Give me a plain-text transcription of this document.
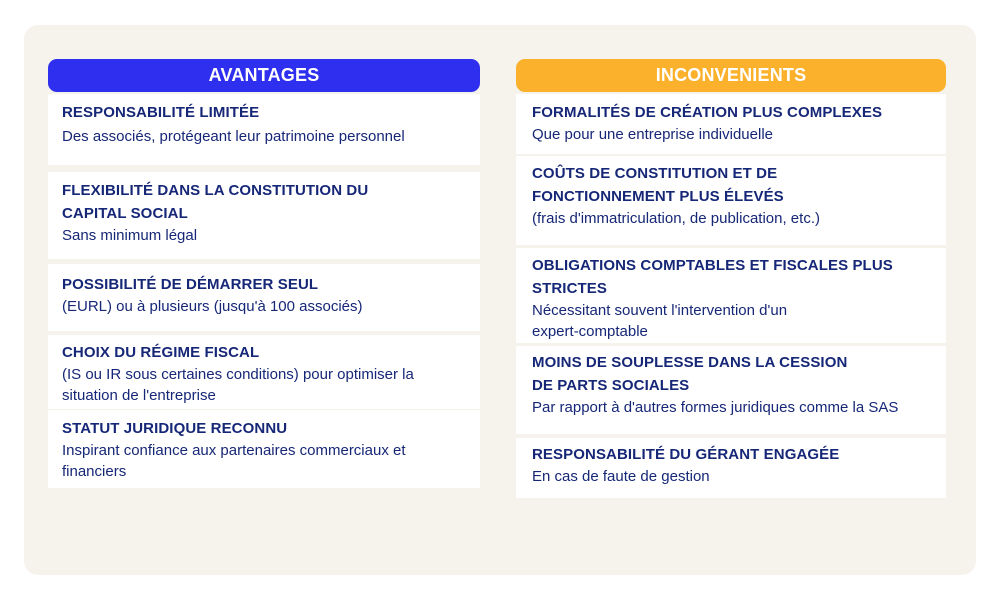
AVANTAGES
RESPONSABILITÉ LIMITÉE
Des associés, protégeant leur patrimoine personnel
FLEXIBILITÉ DANS LA CONSTITUTION DU CAPITAL SOCIAL
Sans minimum légal
POSSIBILITÉ DE DÉMARRER SEUL
(EURL) ou à plusieurs (jusqu'à 100 associés)
CHOIX DU RÉGIME FISCAL
(IS ou IR sous certaines conditions) pour optimiser la situation de l'entreprise
STATUT JURIDIQUE RECONNU
Inspirant confiance aux partenaires commerciaux et financiers
INCONVENIENTS
FORMALITÉS DE CRÉATION PLUS COMPLEXES
Que pour une entreprise individuelle
COÛTS DE CONSTITUTION ET DE FONCTIONNEMENT PLUS ÉLEVÉS
(frais d'immatriculation, de publication, etc.)
OBLIGATIONS COMPTABLES ET FISCALES PLUS STRICTES
Nécessitant souvent l'intervention d'un expert-comptable
MOINS DE SOUPLESSE DANS LA CESSION DE PARTS SOCIALES
Par rapport à d'autres formes juridiques comme la SAS
RESPONSABILITÉ DU GÉRANT ENGAGÉE
En cas de faute de gestion
